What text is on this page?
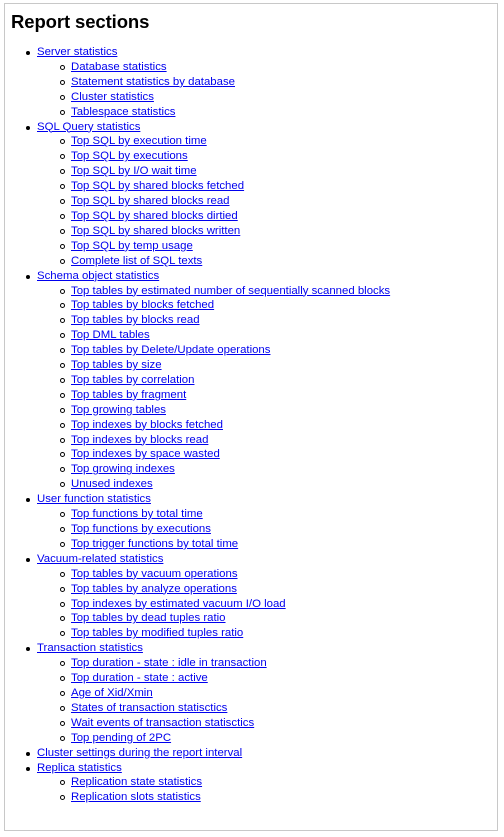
Report sections
Server statistics
Database statistics
Statement statistics by database
Cluster statistics
Tablespace statistics
SQL Query statistics
Top SQL by execution time
Top SQL by executions
Top SQL by I/O wait time
Top SQL by shared blocks fetched
Top SQL by shared blocks read
Top SQL by shared blocks dirtied
Top SQL by shared blocks written
Top SQL by temp usage
Complete list of SQL texts
Schema object statistics
Top tables by estimated number of sequentially scanned blocks
Top tables by blocks fetched
Top tables by blocks read
Top DML tables
Top tables by Delete/Update operations
Top tables by size
Top tables by correlation
Top tables by fragment
Top growing tables
Top indexes by blocks fetched
Top indexes by blocks read
Top indexes by space wasted
Top growing indexes
Unused indexes
User function statistics
Top functions by total time
Top functions by executions
Top trigger functions by total time
Vacuum-related statistics
Top tables by vacuum operations
Top tables by analyze operations
Top indexes by estimated vacuum I/O load
Top tables by dead tuples ratio
Top tables by modified tuples ratio
Transaction statistics
Top duration - state : idle in transaction
Top duration - state : active
Age of Xid/Xmin
States of transaction statisctics
Wait events of transaction statisctics
Top pending of 2PC
Cluster settings during the report interval
Replica statistics
Replication state statistics
Replication slots statistics
